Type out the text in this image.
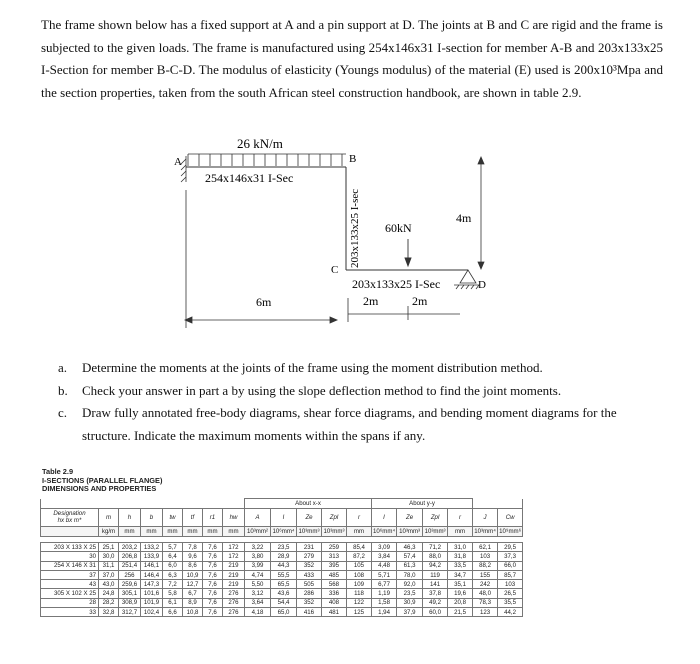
The frame shown below has a fixed support at A and a pin support at D. The joints at B and C are rigid and the frame is subjected to the given loads. The frame is manufactured using 254x146x31 I-section for member A-B and 203x133x25 I-Section for member B-C-D. The modulus of elasticity (Youngs modulus) of the material (E) used is 200x10³Mpa and the section properties, taken from the south African steel construction handbook, are shown in table 2.9.

26 kN/m
A
254x146x31 I-Sec
B
203x133x25 I-sec
C
60kN
4m
D
203x133x25 I-Sec
6m	2m	2m
a.	Determine the moments at the joints of the frame using the moment distribution method.
b.	Check your answer in part a by using the slope deflection method to find the joint moments.
c.	Draw fully annotated free-body diagrams, shear force diagrams, and bending moment diagrams for the structure. Indicate the maximum moments within the spans if any.
Table 2.9
I-SECTIONS (PARALLEL FLANGE)
DIMENSIONS AND PROPERTIES
								About x-x					About y-y					
Designation
hx bx m*	m	h	b	tw	tf	r1	hw	A	I	Ze	Zpl	r	I	Ze	Zpl	r	J	Cw
	kg/m	mm	mm	mm	mm	mm	mm	10³mm²	10⁶mm⁴	10³mm³	10³mm³	mm	10⁶mm⁴	10³mm³	10³mm³	mm	10³mm⁴	10⁹mm⁶

203 X 133 X 25	25,1	203,2	133,2	5,7	7,8	7,6	172	3,22	23,5	231	259	85,4	3,09	46,3	71,2	31,0	62,1	29,5
30	30,0	206,8	133,9	6,4	9,6	7,6	172	3,80	28,9	279	313	87,2	3,84	57,4	88,0	31,8	103	37,3
254 X 146 X 31	31,1	251,4	146,1	6,0	8,6	7,6	219	3,99	44,3	352	395	105	4,48	61,3	94,2	33,5	88,2	66,0
37	37,0	256	146,4	6,3	10,9	7,6	219	4,74	55,5	433	485	108	5,71	78,0	119	34,7	155	85,7
43	43,0	259,6	147,3	7,2	12,7	7,6	219	5,50	65,5	505	568	109	6,77	92,0	141	35,1	242	103
305 X 102 X 25	24,8	305,1	101,6	5,8	6,7	7,6	276	3,12	43,6	286	336	118	1,19	23,5	37,8	19,6	48,0	26,5
28	28,2	308,9	101,9	6,1	8,9	7,6	276	3,64	54,4	352	408	122	1,58	30,9	49,2	20,8	78,3	35,5
33	32,8	312,7	102,4	6,6	10,8	7,6	276	4,18	65,0	416	481	125	1,94	37,9	60,0	21,5	123	44,2
